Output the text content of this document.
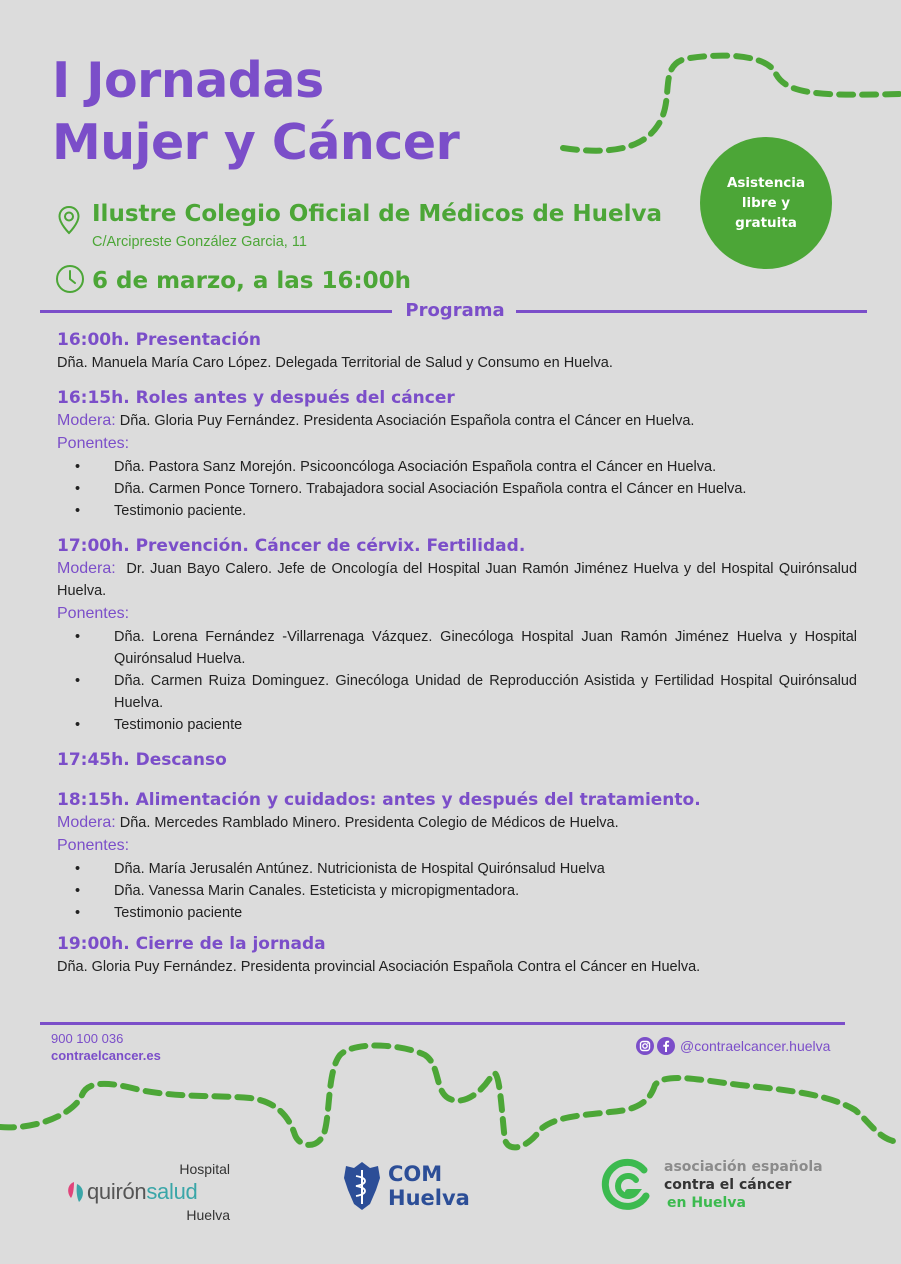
I Jornadas
Mujer y Cáncer
Asistencia libre y gratuita
Ilustre Colegio Oficial de Médicos de Huelva
C/Arcipreste González Garcia, 11
6 de marzo, a las 16:00h
Programa
16:00h. Presentación
Dña. Manuela María Caro López. Delegada Territorial de Salud y Consumo en Huelva.
16:15h. Roles antes y después del cáncer
Modera: Dña. Gloria Puy Fernández. Presidenta Asociación Española contra el Cáncer en Huelva.
Ponentes:
• Dña. Pastora Sanz Morejón. Psicooncóloga Asociación Española contra el Cáncer en Huelva.
• Dña. Carmen Ponce Tornero. Trabajadora social Asociación Española contra el Cáncer en Huelva.
• Testimonio paciente.
17:00h. Prevención. Cáncer de cérvix. Fertilidad.
Modera: Dr. Juan Bayo Calero. Jefe de Oncología del Hospital Juan Ramón Jiménez Huelva y del Hospital Quirónsalud Huelva.
Ponentes:
• Dña. Lorena Fernández -Villarrenaga Vázquez. Ginecóloga Hospital Juan Ramón Jiménez Huelva y Hospital Quirónsalud Huelva.
• Dña. Carmen Ruiza Dominguez. Ginecóloga Unidad de Reproducción Asistida y Fertilidad Hospital Quirónsalud Huelva.
• Testimonio paciente
17:45h. Descanso
18:15h. Alimentación y cuidados: antes y después del tratamiento.
Modera: Dña. Mercedes Ramblado Minero. Presidenta Colegio de Médicos de Huelva.
Ponentes:
• Dña. María Jerusalén Antúnez. Nutricionista de Hospital Quirónsalud Huelva
• Dña. Vanessa Marin Canales. Esteticista y micropigmentadora.
• Testimonio paciente
19:00h. Cierre de la jornada
Dña. Gloria Puy Fernández. Presidenta provincial Asociación Española Contra el Cáncer en Huelva.
900 100 036
contraelcancer.es
@contraelcancer.huelva
Hospital
quirónsalud
Huelva
COM
Huelva
asociación española
contra el cáncer
en Huelva
